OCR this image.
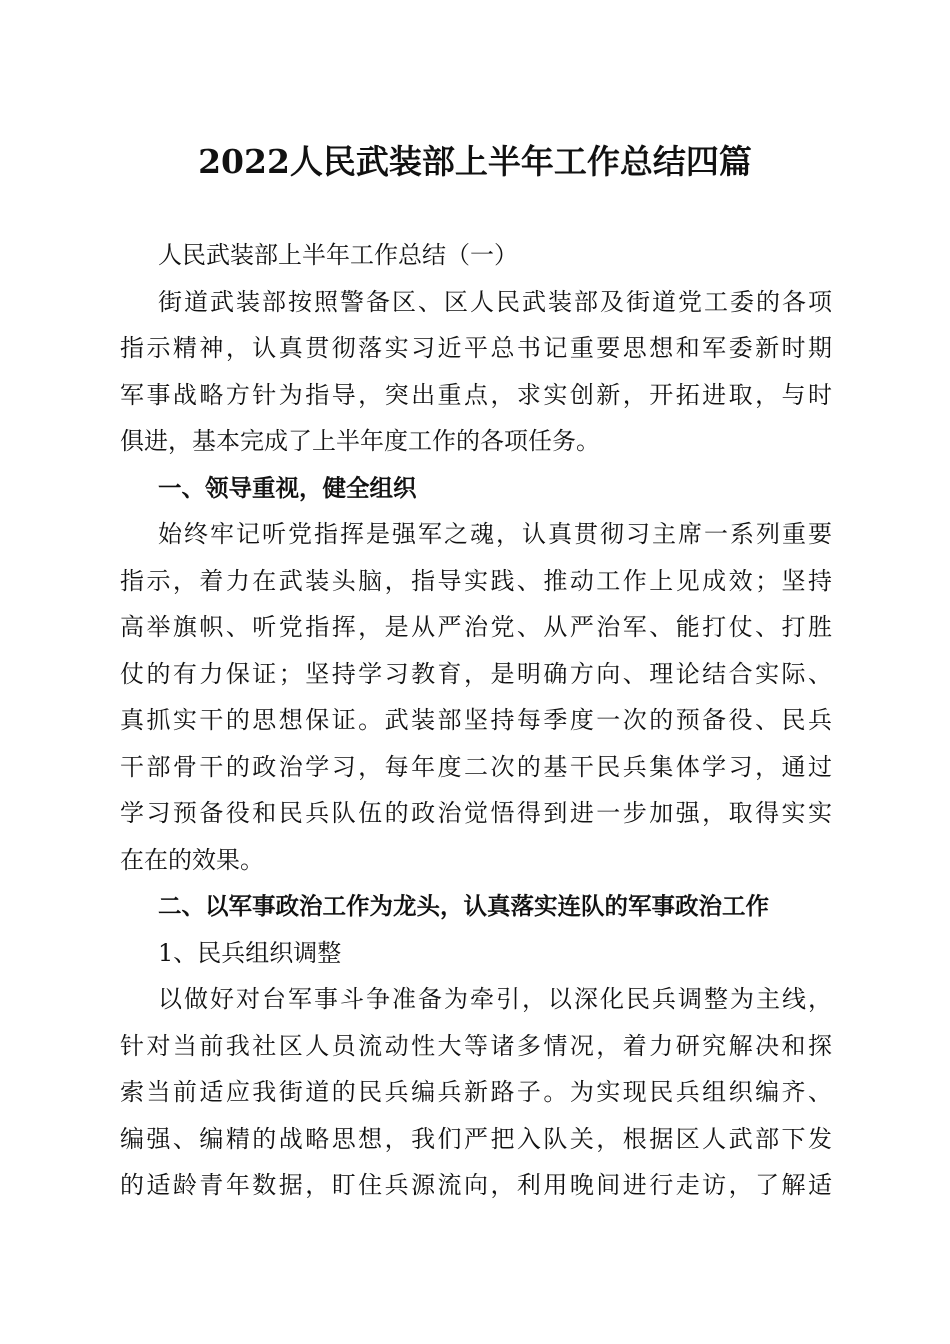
2022人民武装部上半年工作总结四篇
人民武装部上半年工作总结（一）
街道武装部按照警备区、区人民武装部及街道党工委的各项
指示精神，认真贯彻落实习近平总书记重要思想和军委新时期
军事战略方针为指导，突出重点，求实创新，开拓进取，与时
俱进，基本完成了上半年度工作的各项任务。
一、领导重视，健全组织
始终牢记听党指挥是强军之魂，认真贯彻习主席一系列重要
指示，着力在武装头脑，指导实践、推动工作上见成效；坚持
高举旗帜、听党指挥，是从严治党、从严治军、能打仗、打胜
仗的有力保证；坚持学习教育，是明确方向、理论结合实际、
真抓实干的思想保证。武装部坚持每季度一次的预备役、民兵
干部骨干的政治学习，每年度二次的基干民兵集体学习，通过
学习预备役和民兵队伍的政治觉悟得到进一步加强，取得实实
在在的效果。
二、以军事政治工作为龙头，认真落实连队的军事政治工作
1、民兵组织调整
以做好对台军事斗争准备为牵引，以深化民兵调整为主线，
针对当前我社区人员流动性大等诸多情况，着力研究解决和探
索当前适应我街道的民兵编兵新路子。为实现民兵组织编齐、
编强、编精的战略思想，我们严把入队关，根据区人武部下发
的适龄青年数据，盯住兵源流向，利用晚间进行走访，了解适
